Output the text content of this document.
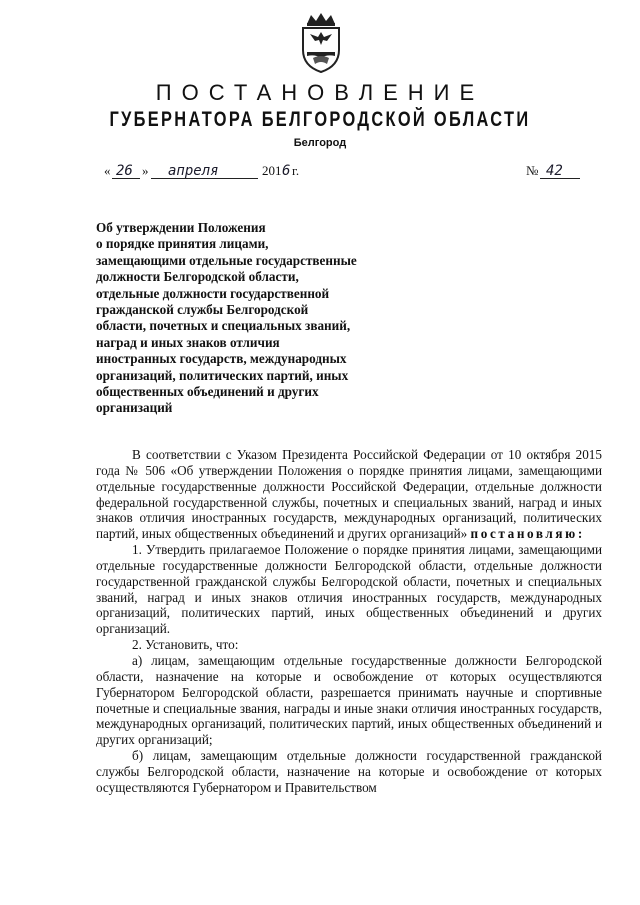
ПОСТАНОВЛЕНИЕ
ГУБЕРНАТОРА БЕЛГОРОДСКОЙ ОБЛАСТИ
Белгород
« 26 » апреля	201 6 г.	№ 42
Об утверждении Положения
о порядке принятия лицами,
замещающими отдельные государственные
должности Белгородской области,
отдельные должности государственной
гражданской службы Белгородской
области, почетных и специальных званий,
наград и иных знаков отличия
иностранных государств, международных
организаций, политических партий, иных
общественных объединений и других
организаций

В соответствии с Указом Президента Российской Федерации от 10 октября 2015 года № 506 «Об утверждении Положения о порядке принятия лицами, замещающими отдельные государственные должности Российской Федерации, отдельные должности федеральной государственной службы, почетных и специальных званий, наград и иных знаков отличия иностранных государств, международных организаций, политических партий, иных общественных объединений и других организаций» постановляю:

1. Утвердить прилагаемое Положение о порядке принятия лицами, замещающими отдельные государственные должности Белгородской области, отдельные должности государственной гражданской службы Белгородской области, почетных и специальных званий, наград и иных знаков отличия иностранных государств, международных организаций, политических партий, иных общественных объединений и других организаций.

2. Установить, что:

а) лицам, замещающим отдельные государственные должности Белгородской области, назначение на которые и освобождение от которых осуществляются Губернатором Белгородской области, разрешается принимать научные и спортивные почетные и специальные звания, награды и иные знаки отличия иностранных государств, международных организаций, политических партий, иных общественных объединений и других организаций;

б) лицам, замещающим отдельные должности государственной гражданской службы Белгородской области, назначение на которые и освобождение от которых осуществляются Губернатором и Правительством
